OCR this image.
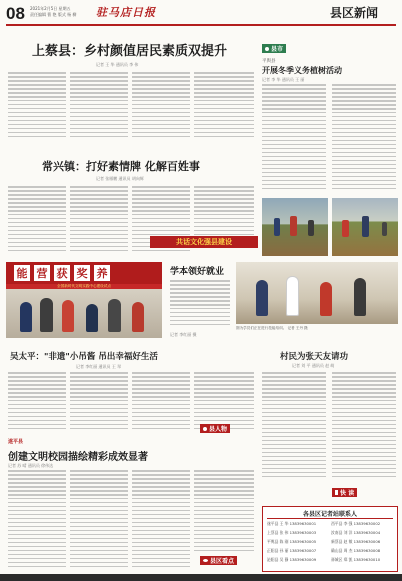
08 2021年2月5日 星期五
责任编辑 曹 艳 版式 杨 柳 驻马店日报	县区新闻
上蔡县：乡村颜值居民素质双提升
记者 王 华 通讯员 李 伟
常兴镇：打好素情牌 化解百姓事
记者 张雁鹏 通讯员 胡向辉
共话文化强县建设
县市
平舆县
开展冬季义务植树活动
记者 李 华 通讯员 王 丽
能 营 获 奖 养
全国新时代文明实践中心建设试点
学本领好就业
记者 李红丽 摄
图为学员们正在进行技能培训。 记者 王丹 摄
吴太平："非遗"小吊酱 吊出幸福好生活
记者 李红丽 通讯员 王 翠
县人物
遂平县
创建文明校园描绘精彩成效显著
记者 苏 晴 通讯员 徐伟达
县区看点
村民为张天友请功
记者 刘 平 通讯员 赵 萌
快 读
各县区记者站联系人
遂平县 王 华 13839630001	西平县 李 强 13839630002
上蔡县 张 伟 13839630003	汝南县 刘 洋 13839630004
平舆县 陈 刚 13839630005	新蔡县 赵 敏 13839630006
正阳县 孙 丽 13839630007	确山县 周 杰 13839630008
泌阳县 吴 静 13839630009	驿城区 郑 凯 13839630010
